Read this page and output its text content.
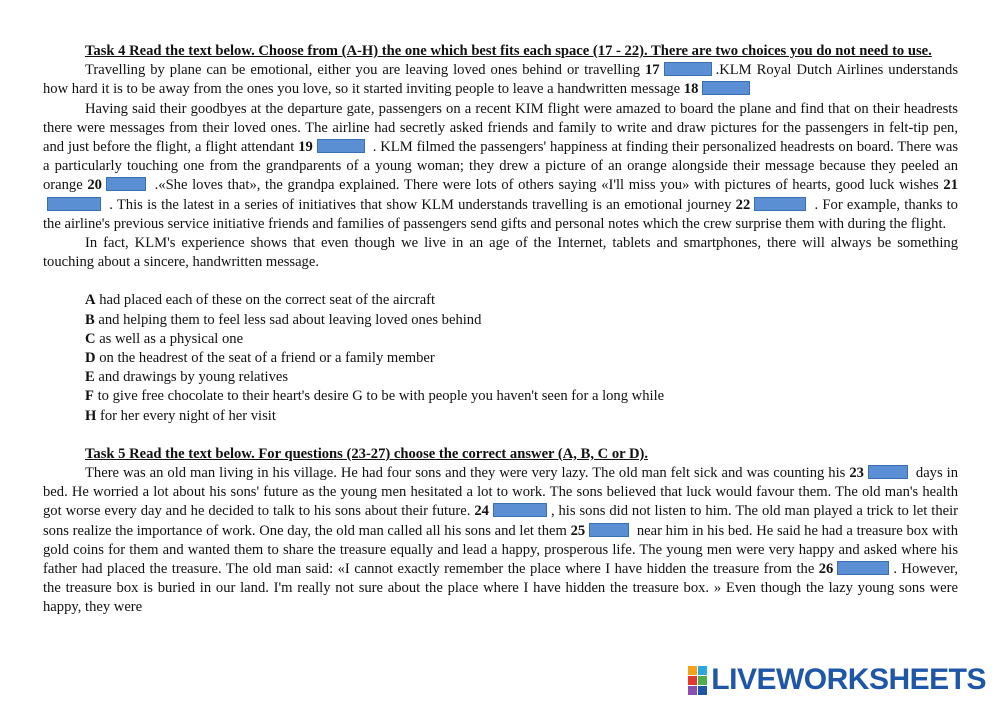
Task 4 Read the text below. Choose from (A-H) the one which best fits each space (17 - 22). There are two choices you do not need to use.

Travelling by plane can be emotional, either you are leaving loved ones behind or travelling 17	.KLM Royal Dutch Airlines understands how hard it is to be away from the ones you love, so it started inviting people to leave a handwritten message 18

Having said their goodbyes at the departure gate, passengers on a recent KIM flight were amazed to board the plane and find that on their headrests there were messages from their loved ones. The airline had secretly asked friends and family to write and draw pictures for the passengers in felt-tip pen, and just before the flight, a flight attendant 19	. KLM filmed the passengers' happiness at finding their personalized headrests on board. There was a particularly touching one from the grandparents of a young woman; they drew a picture of an orange alongside their message because they peeled an orange 20	.«She loves that», the grandpa explained. There were lots of others saying «I'll miss you» with pictures of hearts, good luck wishes 21 . This is the latest in a series of initiatives that show KLM understands travelling is an emotional journey 22	. For example, thanks to the airline's previous service initiative friends and families of passengers send gifts and personal notes which the crew surprise them with during the flight.

In fact, KLM's experience shows that even though we live in an age of the Internet, tablets and smartphones, there will always be something touching about a sincere, handwritten message.

A had placed each of these on the correct seat of the aircraft
B and helping them to feel less sad about leaving loved ones behind
C as well as a physical one
D on the headrest of the seat of a friend or a family member
E and drawings by young relatives
F to give free chocolate to their heart's desire G to be with people you haven't seen for a long while
H for her every night of her visit

Task 5 Read the text below. For questions (23-27) choose the correct answer (A, B, C or D).

There was an old man living in his village. He had four sons and they were very lazy. The old man felt sick and was counting his 23	days in bed. He worried a lot about his sons' future as the young men hesitated a lot to work. The sons believed that luck would favour them. The old man's health got worse every day and he decided to talk to his sons about their future. 24	, his sons did not listen to him. The old man played a trick to let their sons realize the importance of work. One day, the old man called all his sons and let them 25	near him in his bed. He said he had a treasure box with gold coins for them and wanted them to share the treasure equally and lead a happy, prosperous life. The young men were very happy and asked where his father had placed the treasure. The old man said: «I cannot exactly remember the place where I have hidden the treasure from the 26	. However, the treasure box is buried in our land. I'm really not sure about the place where I have hidden the treasure box. » Even though the lazy young sons were happy, they were

LIVEWORKSHEETS
